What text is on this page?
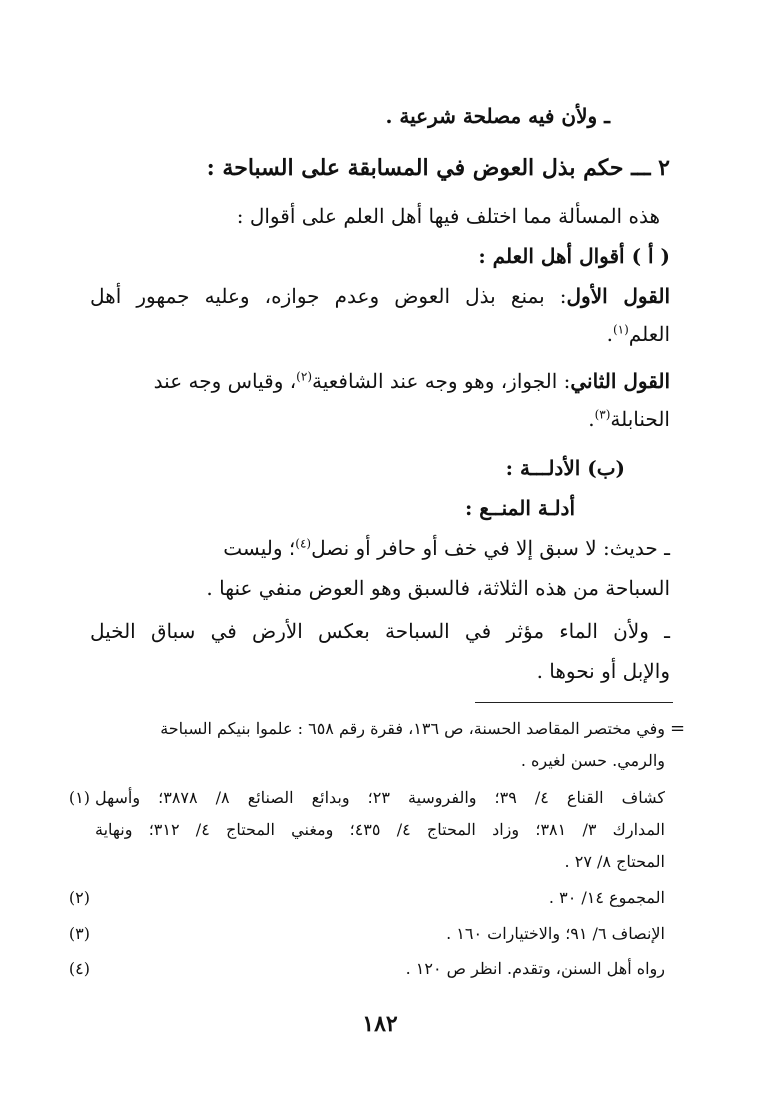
ـ ولأن فيه مصلحة شرعية .
٢ ـــ حكم بذل العوض في المسابقة على السباحة :
هذه المسألة مما اختلف فيها أهل العلم على أقوال :
( أ ) أقوال أهل العلم :
القول الأول: بمنع بذل العوض وعدم جوازه، وعليه جمهور أهل
العلم$^{(١)}$.
القول الثاني: الجواز، وهو وجه عند الشافعية$^{(٢)}$، وقياس وجه عند
الحنابلة$^{(٣)}$.
(ب) الأدلـــة :
أدلـة المنــع :
ـ حديث: لا سبق إلا في خف أو حافر أو نصل$^{(٤)}$؛ وليست
السباحة من هذه الثلاثة، فالسبق وهو العوض منفي عنها .
ـ ولأن الماء مؤثر في السباحة بعكس الأرض في سباق الخيل
والإبل أو نحوها .
=
وفي مختصر المقاصد الحسنة، ص ١٣٦، فقرة رقم ٦٥٨ : علموا بنيكم السباحة
والرمي. حسن لغيره .
(١) كشاف القناع ٤/ ٣٩؛ والفروسية ٢٣؛ وبدائع الصنائع ٨/ ٣٨٧٨؛ وأسهل
المدارك ٣/ ٣٨١؛ وزاد المحتاج ٤/ ٤٣٥؛ ومغني المحتاج ٤/ ٣١٢؛ ونهاية
المحتاج ٨/ ٢٧ .
(٢)	المجموع ١٤/ ٣٠ .
(٣)	الإنصاف ٦/ ٩١؛ والاختيارات ١٦٠ .
(٤)	رواه أهل السنن، وتقدم. انظر ص ١٢٠ .
١٨٢
